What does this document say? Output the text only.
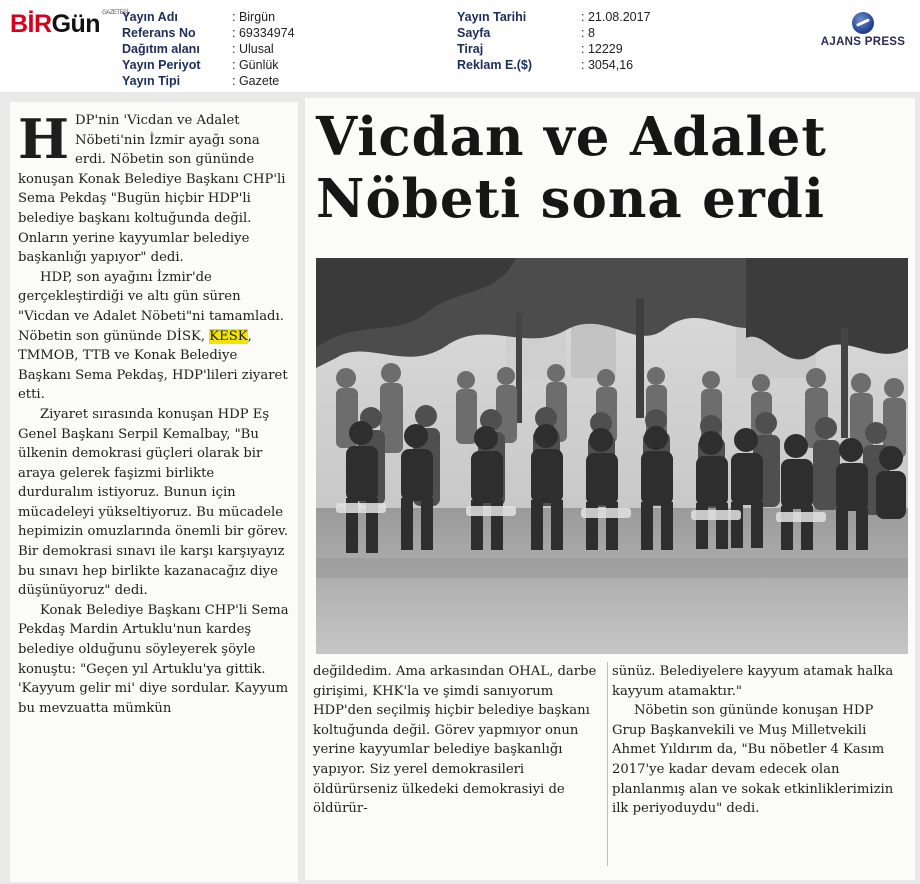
BİRGün $^{GAZETESİ}$
Yayın Adı	: Birgün
Referans No	: 69334974
Dağıtım alanı	: Ulusal
Yayın Periyot	: Günlük
Yayın Tipi	: Gazete
Yayın Tarihi	: 21.08.2017
Sayfa	: 8
Tiraj	: 12229
Reklam E.($)	: 3054,16
AJANS PRESS

HDP'nin 'Vicdan ve Adalet Nöbeti'nin İzmir ayağı sona erdi. Nöbetin son gününde konuşan Konak Belediye Başkanı CHP'li Sema Pekdaş "Bugün hiçbir HDP'li belediye başkanı koltuğunda değil. Onların yerine kayyumlar belediye başkanlığı yapıyor" dedi.

HDP, son ayağını İzmir'de gerçekleştirdiği ve altı gün süren "Vicdan ve Adalet Nöbeti"ni tamamladı. Nöbetin son gününde DİSK, KESK, TMMOB, TTB ve Konak Belediye Başkanı Sema Pekdaş, HDP'lileri ziyaret etti.

Ziyaret sırasında konuşan HDP Eş Genel Başkanı Serpil Kemalbay, "Bu ülkenin demokrasi güçleri olarak bir araya gelerek faşizmi birlikte durduralım istiyoruz. Bunun için mücadeleyi yükseltiyoruz. Bu mücadele hepimizin omuzlarında önemli bir görev. Bir demokrasi sınavı ile karşı karşıyayız bu sınavı hep birlikte kazanacağız diye düşünüyoruz" dedi.

Konak Belediye Başkanı CHP'li Sema Pekdaş Mardin Artuklu'nun kardeş belediye olduğunu söyleyerek şöyle konuştu: "Geçen yıl Artuklu'ya gittik. 'Kayyum gelir mi' diye sordular. Kayyum bu mevzuatta mümkün

Vicdan ve Adalet
Nöbeti sona erdi

değildedim. Ama arkasından OHAL, darbe girişimi, KHK'la ve şimdi sanıyorum HDP'den seçilmiş hiçbir belediye başkanı koltuğunda değil. Görev yapmıyor onun yerine kayyumlar belediye başkanlığı yapıyor. Siz yerel demokrasileri öldürürseniz ülkedeki demokrasiyi de öldürür-

sünüz. Belediyelere kayyum atamak halka kayyum atamaktır."

Nöbetin son gününde konuşan HDP Grup Başkanvekili ve Muş Milletvekili Ahmet Yıldırım da, "Bu nöbetler 4 Kasım 2017'ye kadar devam edecek olan planlanmış alan ve sokak etkinliklerimizin ilk periyoduydu" dedi.
